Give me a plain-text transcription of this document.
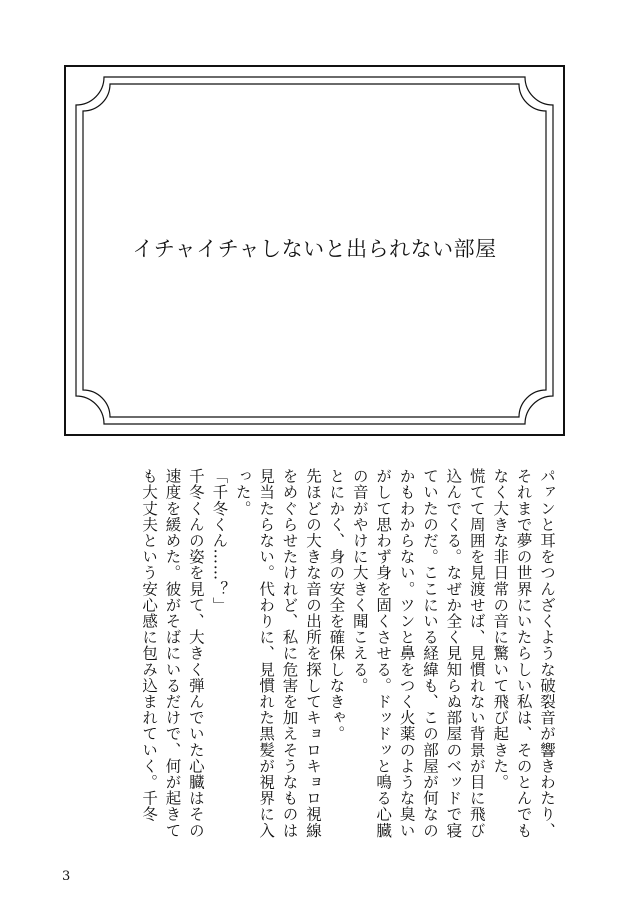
イチャイチャしないと出られない部屋

パァンと耳をつんざくような破裂音が響きわたり、それまで夢の世界にいたらしい私は、そのとんでもなく大きな非日常の音に驚いて飛び起きた。

慌てて周囲を見渡せば、見慣れない背景が目に飛び込んでくる。なぜか全く見知らぬ部屋のベッドで寝ていたのだ。ここにいる経緯も、この部屋が何なのかもわからない。ツンと鼻をつく火薬のような臭いがして思わず身を固くさせる。ドッドッと鳴る心臓の音がやけに大きく聞こえる。

とにかく、身の安全を確保しなきゃ。

先ほどの大きな音の出所を探してキョロキョロ視線をめぐらせたけれど、私に危害を加えそうなものは見当たらない。代わりに、見慣れた黒髪が視界に入った。

「千冬くん……？」

千冬くんの姿を見て、大きく弾んでいた心臓はその速度を緩めた。彼がそばにいるだけで、何が起きても大丈夫という安心感に包み込まれていく。千冬

3
